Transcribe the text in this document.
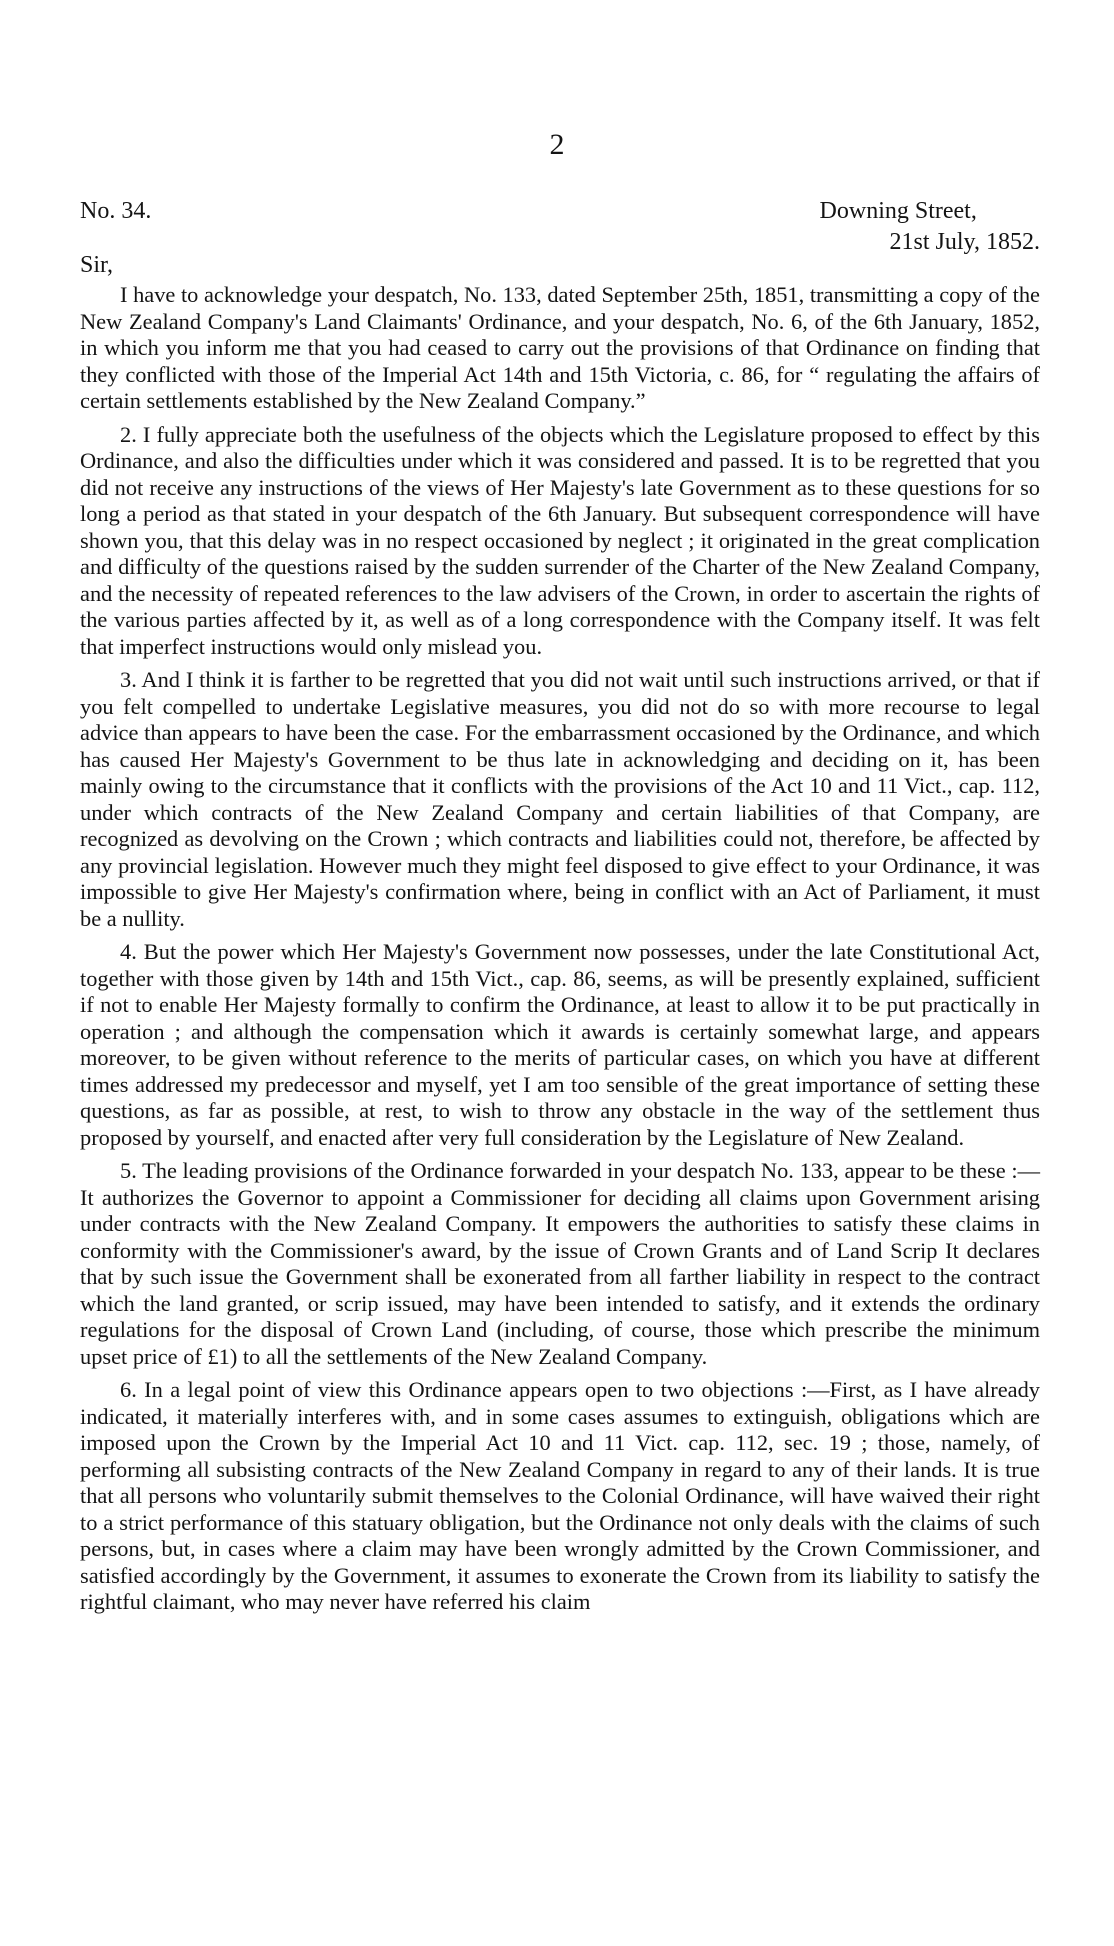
2
No. 34.	Downing Street,
21st July, 1852.
Sir,

I have to acknowledge your despatch, No. 133, dated September 25th, 1851, transmitting a copy of the New Zealand Company's Land Claimants' Ordinance, and your despatch, No. 6, of the 6th January, 1852, in which you inform me that you had ceased to carry out the provisions of that Ordinance on finding that they conflicted with those of the Imperial Act 14th and 15th Victoria, c. 86, for “ regulating the affairs of certain settlements established by the New Zealand Company.”

2. I fully appreciate both the usefulness of the objects which the Legislature proposed to effect by this Ordinance, and also the difficulties under which it was considered and passed. It is to be regretted that you did not receive any instructions of the views of Her Majesty's late Government as to these questions for so long a period as that stated in your despatch of the 6th January. But subsequent correspondence will have shown you, that this delay was in no respect occasioned by neglect ; it originated in the great complication and difficulty of the questions raised by the sudden surrender of the Charter of the New Zealand Company, and the necessity of repeated references to the law advisers of the Crown, in order to ascertain the rights of the various parties affected by it, as well as of a long correspondence with the Company itself. It was felt that imperfect instructions would only mislead you.

3. And I think it is farther to be regretted that you did not wait until such instructions arrived, or that if you felt compelled to undertake Legislative measures, you did not do so with more recourse to legal advice than appears to have been the case. For the embarrassment occasioned by the Ordinance, and which has caused Her Majesty's Government to be thus late in acknowledging and deciding on it, has been mainly owing to the circumstance that it conflicts with the provisions of the Act 10 and 11 Vict., cap. 112, under which contracts of the New Zealand Company and certain liabilities of that Company, are recognized as devolving on the Crown ; which contracts and liabilities could not, therefore, be affected by any provincial legislation. However much they might feel disposed to give effect to your Ordinance, it was impossible to give Her Majesty's confirmation where, being in conflict with an Act of Parliament, it must be a nullity.

4. But the power which Her Majesty's Government now possesses, under the late Constitutional Act, together with those given by 14th and 15th Vict., cap. 86, seems, as will be presently explained, sufficient if not to enable Her Majesty formally to confirm the Ordinance, at least to allow it to be put practically in operation ; and although the compensation which it awards is certainly somewhat large, and appears moreover, to be given without reference to the merits of particular cases, on which you have at different times addressed my predecessor and myself, yet I am too sensible of the great importance of setting these questions, as far as possible, at rest, to wish to throw any obstacle in the way of the settlement thus proposed by yourself, and enacted after very full consideration by the Legislature of New Zealand.

5. The leading provisions of the Ordinance forwarded in your despatch No. 133, appear to be these :—It authorizes the Governor to appoint a Commissioner for deciding all claims upon Government arising under contracts with the New Zealand Company. It empowers the authorities to satisfy these claims in conformity with the Commissioner's award, by the issue of Crown Grants and of Land Scrip It declares that by such issue the Government shall be exonerated from all farther liability in respect to the contract which the land granted, or scrip issued, may have been intended to satisfy, and it extends the ordinary regulations for the disposal of Crown Land (including, of course, those which prescribe the minimum upset price of £1) to all the settlements of the New Zealand Company.

6. In a legal point of view this Ordinance appears open to two objections :—First, as I have already indicated, it materially interferes with, and in some cases assumes to extinguish, obligations which are imposed upon the Crown by the Imperial Act 10 and 11 Vict. cap. 112, sec. 19 ; those, namely, of performing all subsisting contracts of the New Zealand Company in regard to any of their lands. It is true that all persons who voluntarily submit themselves to the Colonial Ordinance, will have waived their right to a strict performance of this statuary obligation, but the Ordinance not only deals with the claims of such persons, but, in cases where a claim may have been wrongly admitted by the Crown Commissioner, and satisfied accordingly by the Government, it assumes to exonerate the Crown from its liability to satisfy the rightful claimant, who may never have referred his claim
